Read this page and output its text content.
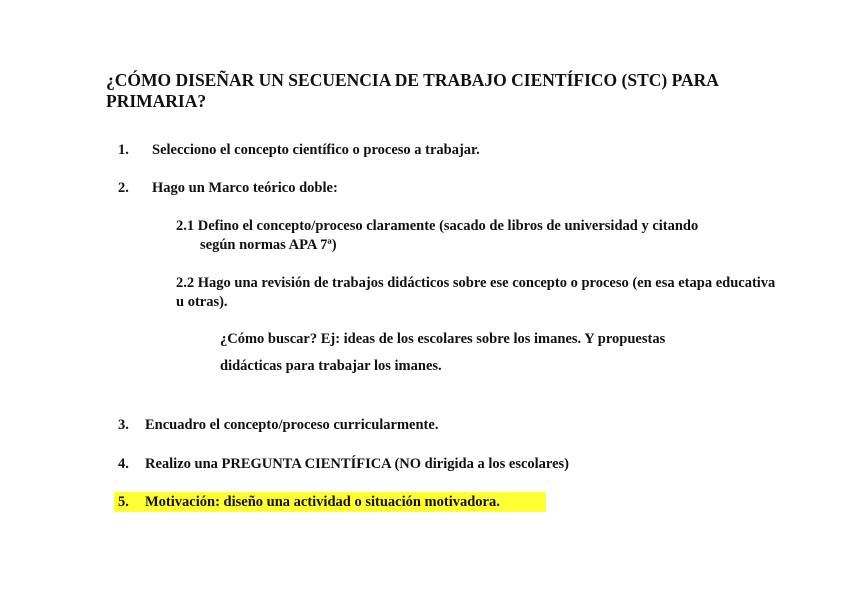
¿CÓMO DISEÑAR UN SECUENCIA DE TRABAJO CIENTÍFICO (STC) PARA PRIMARIA?
1. Selecciono el concepto científico o proceso a trabajar.
2. Hago un Marco teórico doble:
2.1 Defino el concepto/proceso claramente (sacado de libros de universidad y citando
según normas APA 7ª)
2.2 Hago una revisión de trabajos didácticos sobre ese concepto o proceso (en esa etapa educativa u otras).
¿Cómo buscar? Ej: ideas de los escolares sobre los imanes. Y propuestas
didácticas para trabajar los imanes.
3. Encuadro el concepto/proceso curricularmente.
4. Realizo una PREGUNTA CIENTÍFICA (NO dirigida a los escolares)
5. Motivación: diseño una actividad o situación motivadora.
